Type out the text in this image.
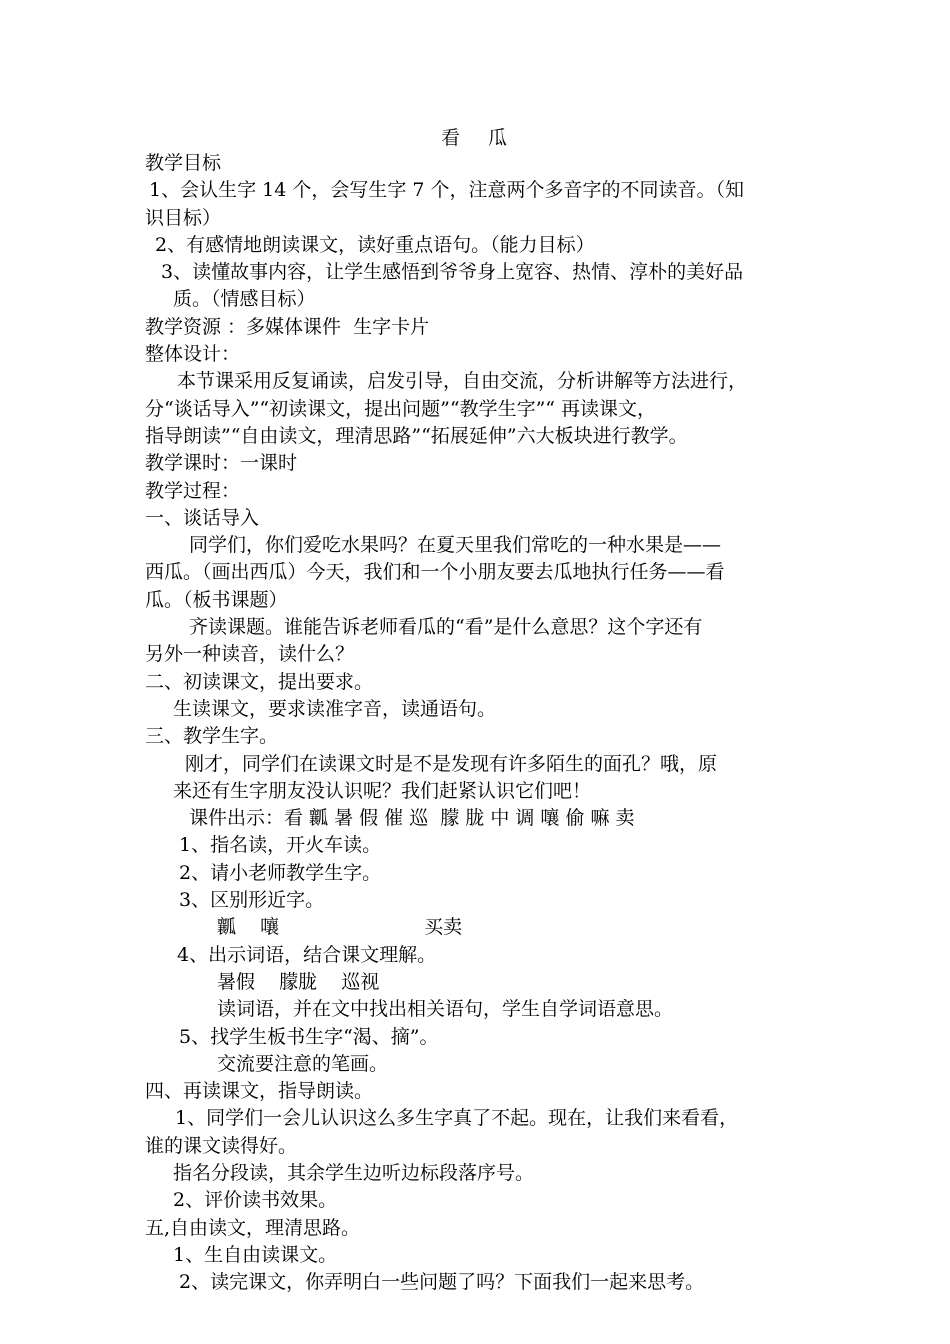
看 瓜
教学目标
1、会认生字 14 个，会写生字 7 个，注意两个多音字的不同读音。（知
识目标）
2、有感情地朗读课文，读好重点语句。（能力目标）
3、读懂故事内容，让学生感悟到爷爷身上宽容、热情、淳朴的美好品
质。（情感目标）
教学资源 ：多媒体课件  生字卡片
整体设计：
本节课采用反复诵读，启发引导，自由交流，分析讲解等方法进行，
分“谈话导入”“初读课文，提出问题”“教学生字”“ 再读课文，
指导朗读”“自由读文，理清思路”“拓展延伸”六大板块进行教学。
教学课时：一课时
教学过程：
一、谈话导入
同学们，你们爱吃水果吗？在夏天里我们常吃的一种水果是——
西瓜。（画出西瓜）今天，我们和一个小朋友要去瓜地执行任务——看
瓜。（板书课题）
齐读课题。谁能告诉老师看瓜的“看”是什么意思？这个字还有
另外一种读音，读什么？
二、初读课文，提出要求。
生读课文，要求读准字音，读通语句。
三、教学生字。
刚才，同学们在读课文时是不是发现有许多陌生的面孔？哦，原
来还有生字朋友没认识呢？我们赶紧认识它们吧！
课件出示：看 瓤 暑 假 催 巡  朦 胧 中 调 嚷 偷 嘛 卖
1、指名读，开火车读。
2、请小老师教学生字。
3、区别形近字。
瓤    嚷                        买卖
4、出示词语，结合课文理解。
暑假    朦胧    巡视
读词语，并在文中找出相关语句，学生自学词语意思。
5、找学生板书生字“渴、摘”。
交流要注意的笔画。
四、再读课文，指导朗读。
1、同学们一会儿认识这么多生字真了不起。现在，让我们来看看，
谁的课文读得好。
指名分段读，其余学生边听边标段落序号。
2、评价读书效果。
五,自由读文，理清思路。
1、生自由读课文。
2、读完课文，你弄明白一些问题了吗？下面我们一起来思考。
